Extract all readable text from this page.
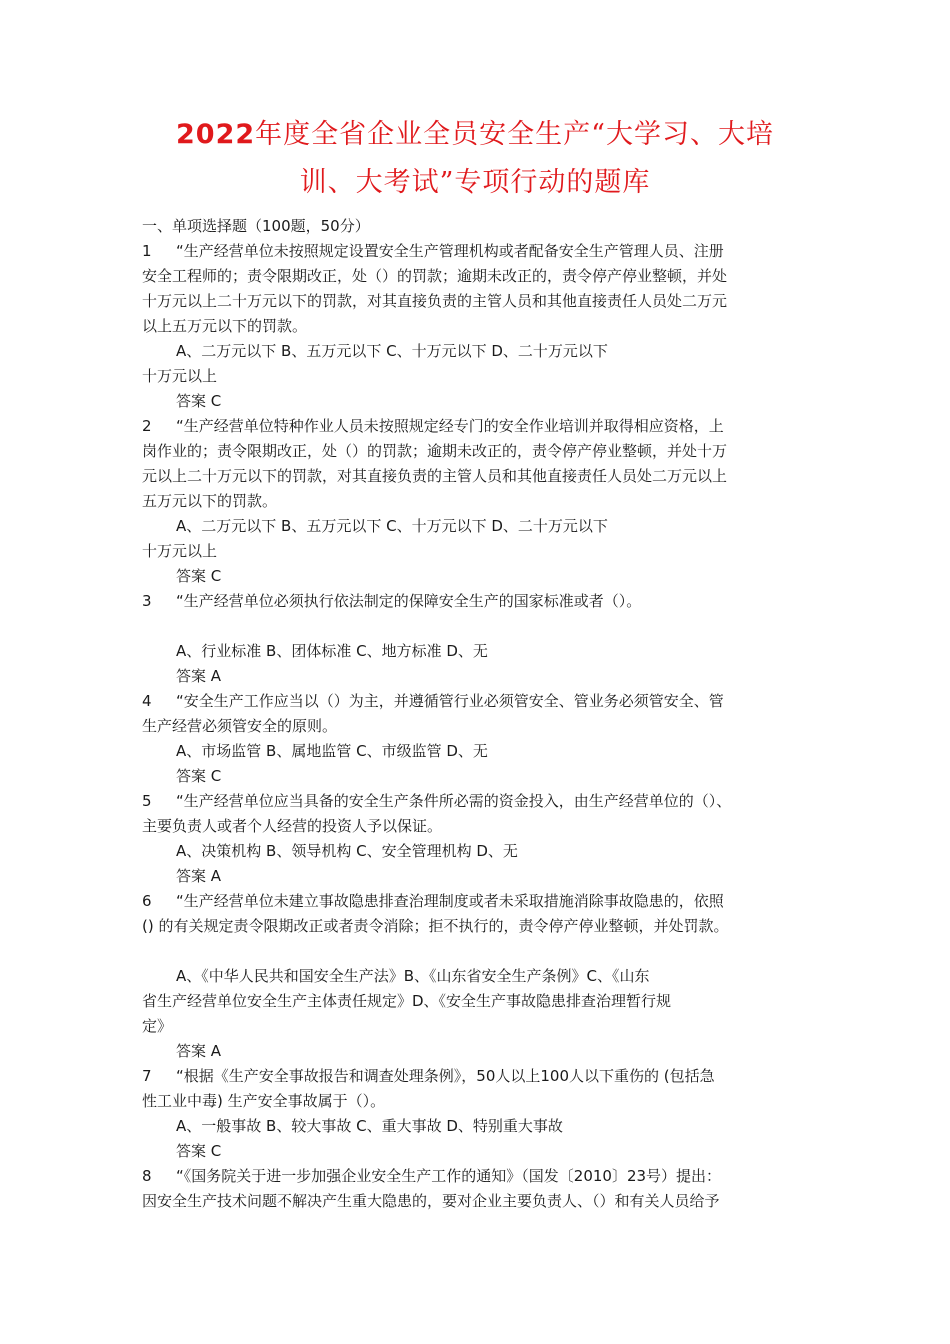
2022年度全省企业全员安全生产“大学习、大培
训、大考试”专项行动的题库
一、单项选择题（100题，50分）
1 “生产经营单位未按照规定设置安全生产管理机构或者配备安全生产管理人员、注册
安全工程师的；责令限期改正，处（）的罚款；逾期未改正的，责令停产停业整顿，并处
十万元以上二十万元以下的罚款，对其直接负责的主管人员和其他直接责任人员处二万元
以上五万元以下的罚款。
A、二万元以下 B、五万元以下 C、十万元以下 D、二十万元以下
十万元以上
答案 C
2 “生产经营单位特种作业人员未按照规定经专门的安全作业培训并取得相应资格，上
岗作业的；责令限期改正，处（）的罚款；逾期未改正的，责令停产停业整顿，并处十万
元以上二十万元以下的罚款，对其直接负责的主管人员和其他直接责任人员处二万元以上
五万元以下的罚款。
A、二万元以下 B、五万元以下 C、十万元以下 D、二十万元以下
十万元以上
答案 C
3 “生产经营单位必须执行依法制定的保障安全生产的国家标准或者（）。
A、行业标准 B、团体标准 C、地方标准 D、无
答案 A
4 “安全生产工作应当以（）为主，并遵循管行业必须管安全、管业务必须管安全、管
生产经营必须管安全的原则。
A、市场监管 B、属地监管 C、市级监管 D、无
答案 C
5 “生产经营单位应当具备的安全生产条件所必需的资金投入，由生产经营单位的（）、
主要负责人或者个人经营的投资人予以保证。
A、决策机构 B、领导机构 C、安全管理机构 D、无
答案 A
6 “生产经营单位未建立事故隐患排查治理制度或者未采取措施消除事故隐患的，依照
() 的有关规定责令限期改正或者责令消除；拒不执行的，责令停产停业整顿，并处罚款。
A、《中华人民共和国安全生产法》B、《山东省安全生产条例》C、《山东
省生产经营单位安全生产主体责任规定》D、《安全生产事故隐患排查治理暂行规
定》
答案 A
7 “根据《生产安全事故报告和调查处理条例》，50人以上100人以下重伤的 (包括急
性工业中毒) 生产安全事故属于（）。
A、一般事故 B、较大事故 C、重大事故 D、特别重大事故
答案 C
8 “《国务院关于进一步加强企业安全生产工作的通知》（国发〔2010〕23号）提出：
因安全生产技术问题不解决产生重大隐患的，要对企业主要负责人、（）和有关人员给予
